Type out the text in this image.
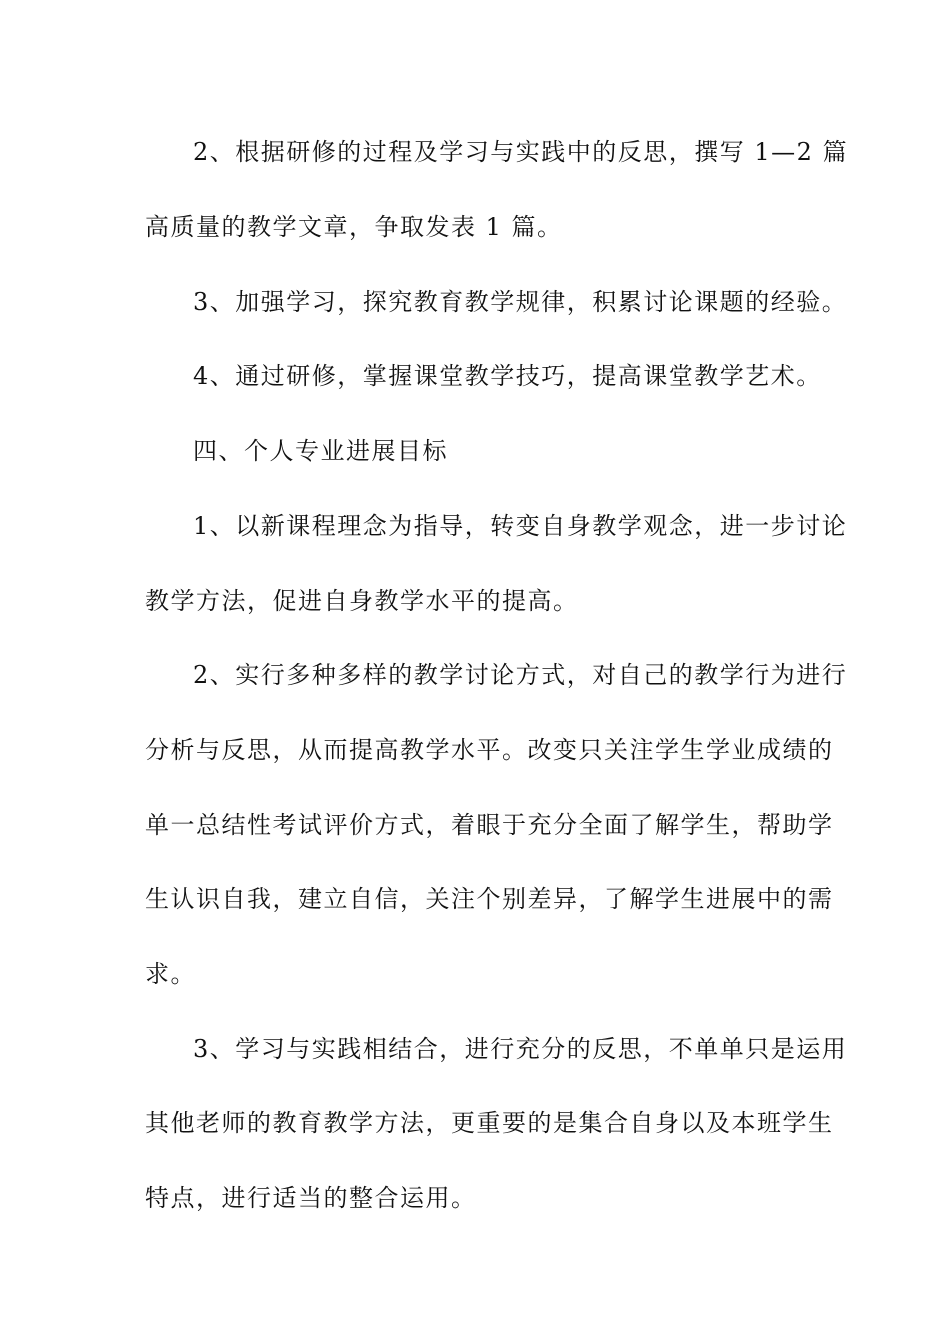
2、根据研修的过程及学习与实践中的反思，撰写 1—2 篇
高质量的教学文章，争取发表 1 篇。
3、加强学习，探究教育教学规律，积累讨论课题的经验。
4、通过研修，掌握课堂教学技巧，提高课堂教学艺术。
四、个人专业进展目标
1、以新课程理念为指导，转变自身教学观念，进一步讨论
教学方法，促进自身教学水平的提高。
2、实行多种多样的教学讨论方式，对自己的教学行为进行
分析与反思，从而提高教学水平。改变只关注学生学业成绩的
单一总结性考试评价方式，着眼于充分全面了解学生，帮助学
生认识自我，建立自信，关注个别差异，了解学生进展中的需
求。
3、学习与实践相结合，进行充分的反思，不单单只是运用
其他老师的教育教学方法，更重要的是集合自身以及本班学生
特点，进行适当的整合运用。
